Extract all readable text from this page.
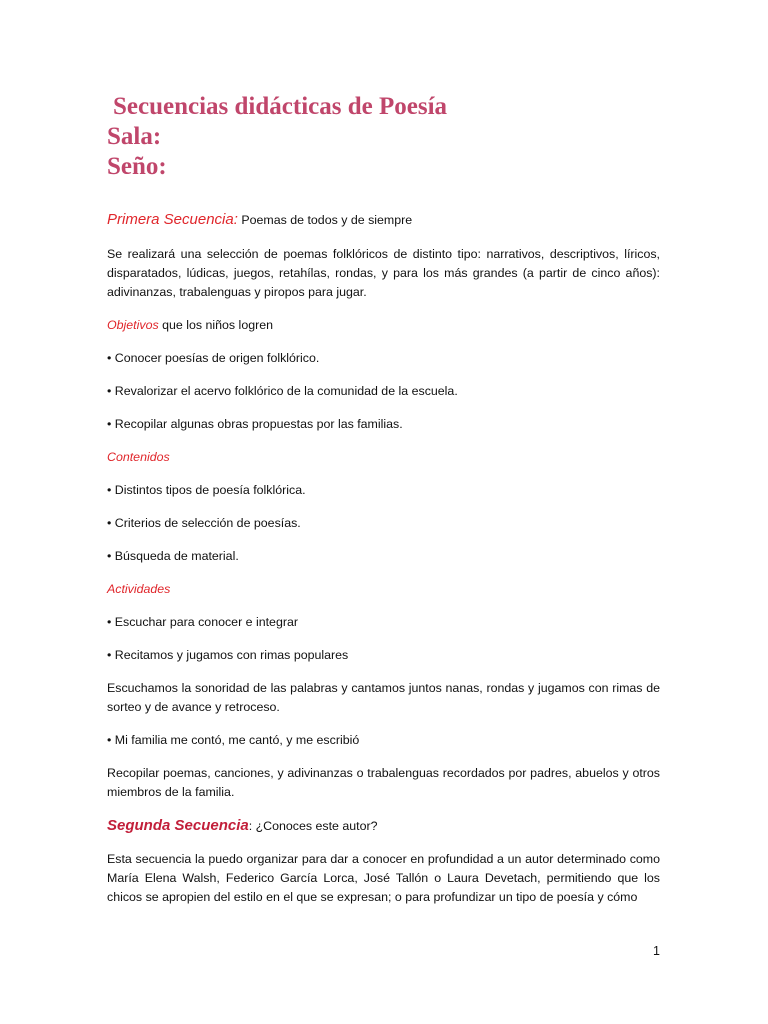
Secuencias didácticas de Poesía
Sala:
Seño:

Primera Secuencia: Poemas de todos y de siempre

Se realizará una selección de poemas folklóricos de distinto tipo: narrativos, descriptivos, líricos, disparatados, lúdicas, juegos, retahílas, rondas, y para los más grandes (a partir de cinco años): adivinanzas, trabalenguas y piropos para jugar.

Objetivos que los niños logren

• Conocer poesías de origen folklórico.

• Revalorizar el acervo folklórico de la comunidad de la escuela.

• Recopilar algunas obras propuestas por las familias.

Contenidos

• Distintos tipos de poesía folklórica.

• Criterios de selección de poesías.

• Búsqueda de material.

Actividades

• Escuchar para conocer e integrar

• Recitamos y jugamos con rimas populares

Escuchamos la sonoridad de las palabras y cantamos juntos nanas, rondas y jugamos con rimas de sorteo y de avance y retroceso.

• Mi familia me contó, me cantó, y me escribió

Recopilar poemas, canciones, y adivinanzas o trabalenguas recordados por padres, abuelos y otros miembros de la familia.

Segunda Secuencia: ¿Conoces este autor?

Esta secuencia la puedo organizar para dar a conocer en profundidad a un autor determinado como María Elena Walsh, Federico García Lorca, José Tallón o Laura Devetach, permitiendo que los chicos se apropien del estilo en el que se expresan; o para profundizar un tipo de poesía y cómo

1
